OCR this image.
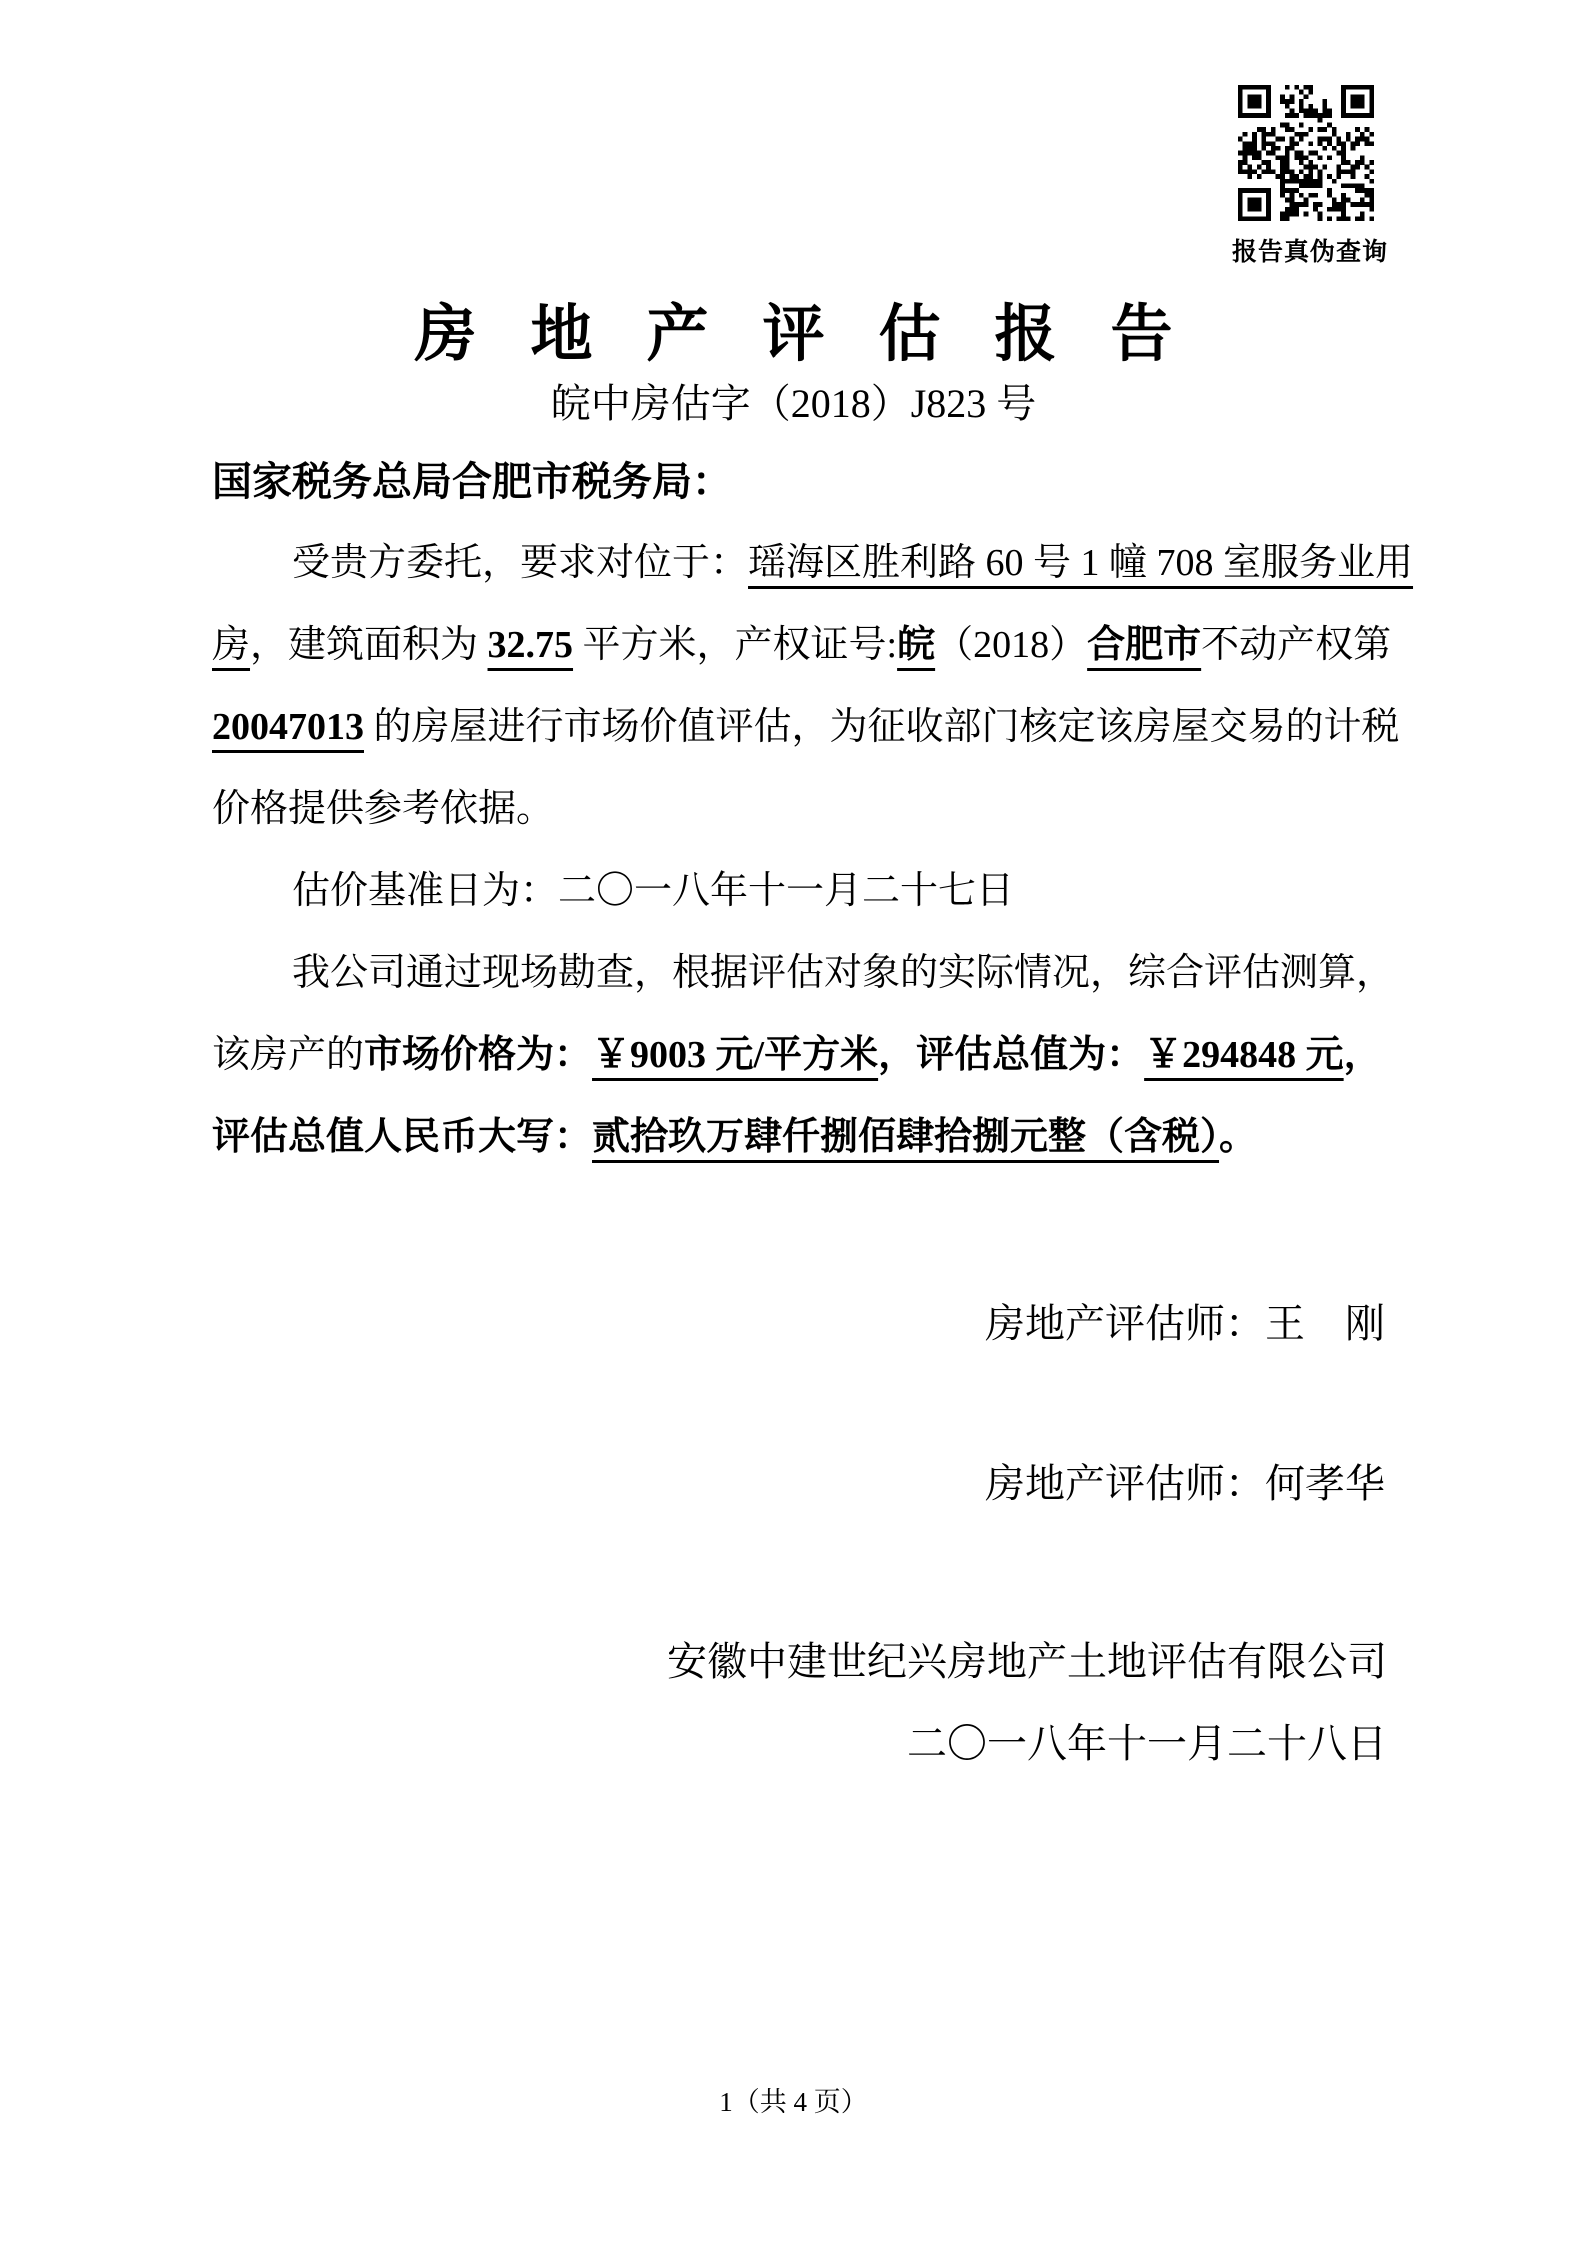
报告真伪查询
房地产评估报告
皖中房估字（2018）J823 号
国家税务总局合肥市税务局：
受贵方委托，要求对位于：瑶海区胜利路 60 号 1 幢 708 室服务业用
房，建筑面积为 32.75 平方米，产权证号:皖（2018）合肥市不动产权第
20047013 的房屋进行市场价值评估，为征收部门核定该房屋交易的计税
价格提供参考依据。
估价基准日为：二〇一八年十一月二十七日
我公司通过现场勘查，根据评估对象的实际情况，综合评估测算，
该房产的市场价格为：￥9003 元/平方米，评估总值为：￥294848 元，
评估总值人民币大写：贰拾玖万肆仟捌佰肆拾捌元整（含税）。
房地产评估师：王　刚
房地产评估师：何孝华
安徽中建世纪兴房地产土地评估有限公司
二〇一八年十一月二十八日
1（共 4 页）
